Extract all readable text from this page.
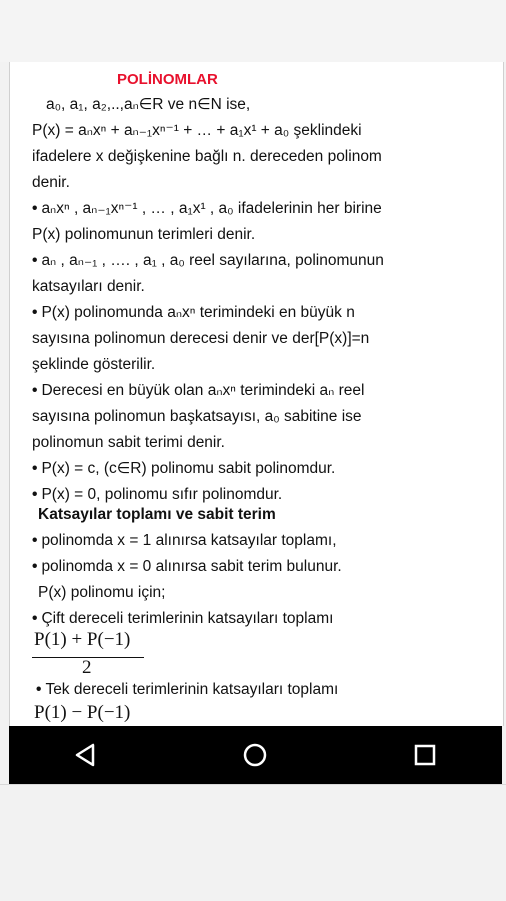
POLİNOMLAR
a₀, a₁, a₂,..,aₙ∈R ve n∈N ise,
P(x) = aₙxⁿ + aₙ₋₁xⁿ⁻¹ + … + a₁x¹ + a₀ şeklindeki
ifadelere x değişkenine bağlı n. dereceden polinom
denir.
• aₙxⁿ , aₙ₋₁xⁿ⁻¹ , … , a₁x¹ , a₀ ifadelerinin her birine
P(x) polinomunun terimleri denir.
• aₙ , aₙ₋₁ , …. , a₁ , a₀ reel sayılarına, polinomunun
katsayıları denir.
• P(x) polinomunda aₙxⁿ terimindeki en büyük n
sayısına polinomun derecesi denir ve der[P(x)]=n
şeklinde gösterilir.
• Derecesi en büyük olan aₙxⁿ terimindeki aₙ reel
sayısına polinomun başkatsayısı, a₀ sabitine ise
polinomun sabit terimi denir.
• P(x) = c, (c∈R) polinomu sabit polinomdur.
• P(x) = 0, polinomu sıfır polinomdur.
Katsayılar toplamı ve sabit terim
• polinomda x = 1 alınırsa katsayılar toplamı,
• polinomda x = 0 alınırsa sabit terim bulunur.
P(x) polinomu için;
• Çift dereceli terimlerinin katsayıları toplamı
P(1) + P(−1)
2
• Tek dereceli terimlerinin katsayıları toplamı
P(1) − P(−1)
